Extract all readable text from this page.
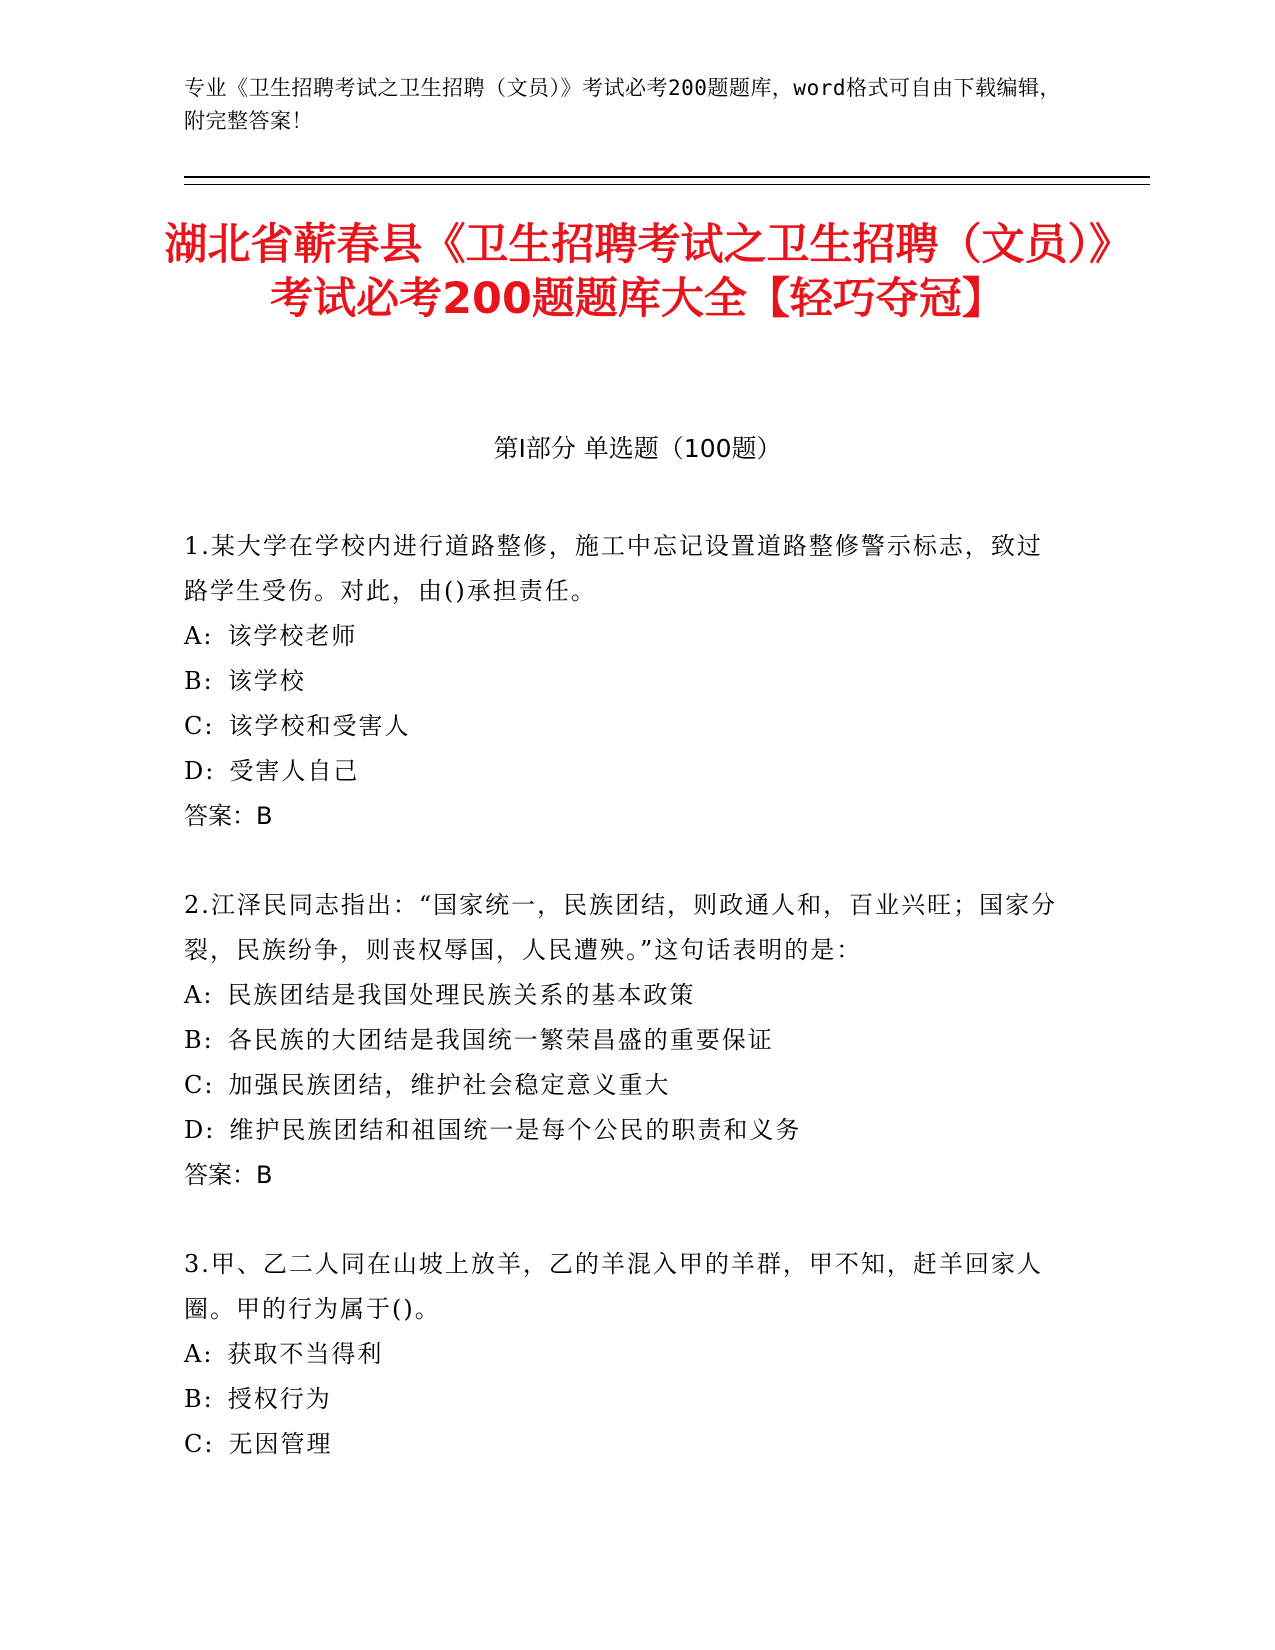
专业《卫生招聘考试之卫生招聘（文员）》考试必考200题题库，word格式可自由下载编辑，附完整答案！
湖北省蕲春县《卫生招聘考试之卫生招聘（文员）》考试必考200题题库大全【轻巧夺冠】
第I部分 单选题（100题）

1.某大学在学校内进行道路整修，施工中忘记设置道路整修警示标志，致过路学生受伤。对此，由()承担责任。

A: 该学校老师

B: 该学校

C: 该学校和受害人

D: 受害人自己

答案：B

2.江泽民同志指出：“国家统一，民族团结，则政通人和，百业兴旺；国家分裂，民族纷争，则丧权辱国，人民遭殃。”这句话表明的是：

A: 民族团结是我国处理民族关系的基本政策

B: 各民族的大团结是我国统一繁荣昌盛的重要保证

C: 加强民族团结，维护社会稳定意义重大

D: 维护民族团结和祖国统一是每个公民的职责和义务

答案：B

3.甲、乙二人同在山坡上放羊，乙的羊混入甲的羊群，甲不知，赶羊回家人圈。甲的行为属于()。

A: 获取不当得利

B: 授权行为

C: 无因管理
